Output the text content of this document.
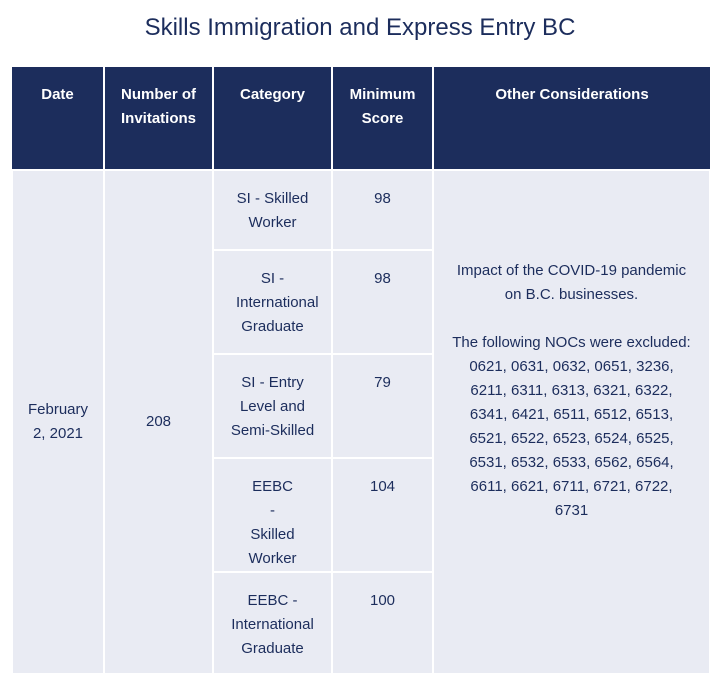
Skills Immigration and Express Entry BC
Date	Number of Invitations	Category	Minimum Score	Other Considerations
February 2, 2021	208	SI - Skilled Worker	98	Impact of the COVID-19 pandemic on B.C. businesses.

The following NOCs were excluded: 0621, 0631, 0632, 0651, 3236, 6211, 6311, 6313, 6321, 6322, 6341, 6421, 6511, 6512, 6513, 6521, 6522, 6523, 6524, 6525, 6531, 6532, 6533, 6562, 6564, 6611, 6621, 6711, 6721, 6722, 6731

		SI - International Graduate	98	

		SI - Entry Level and Semi-Skilled	79	

		EEBC - Skilled Worker	104	

		EEBC - International Graduate	100	
